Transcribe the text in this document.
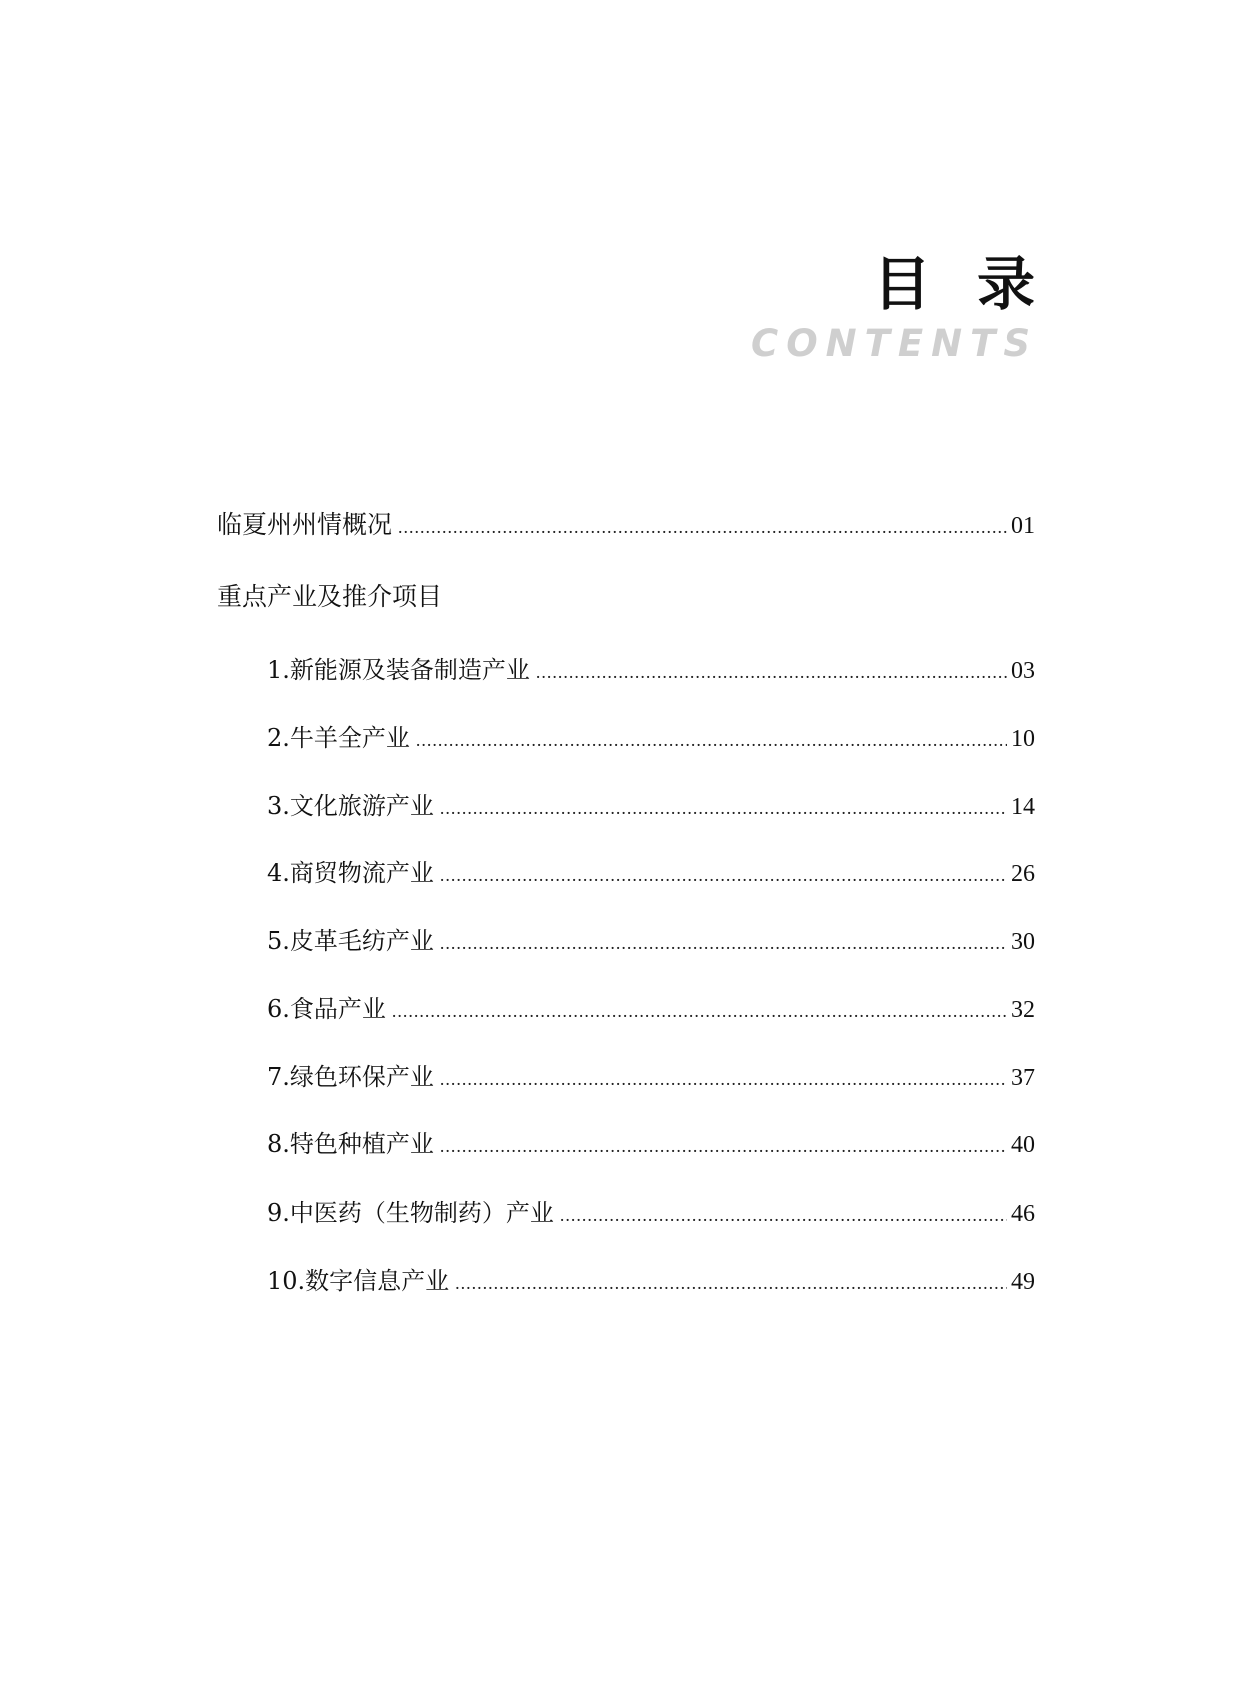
目录
CONTENTS
临夏州州情概况 .....	01
重点产业及推介项目
1.新能源及装备制造产业 .....	03
2.牛羊全产业 .....	10
3.文化旅游产业 .....	14
4.商贸物流产业 .....	26
5.皮革毛纺产业 .....	30
6.食品产业 .....	32
7.绿色环保产业 .....	37
8.特色种植产业 .....	40
9.中医药（生物制药）产业 .....	46
10.数字信息产业 .....	49
